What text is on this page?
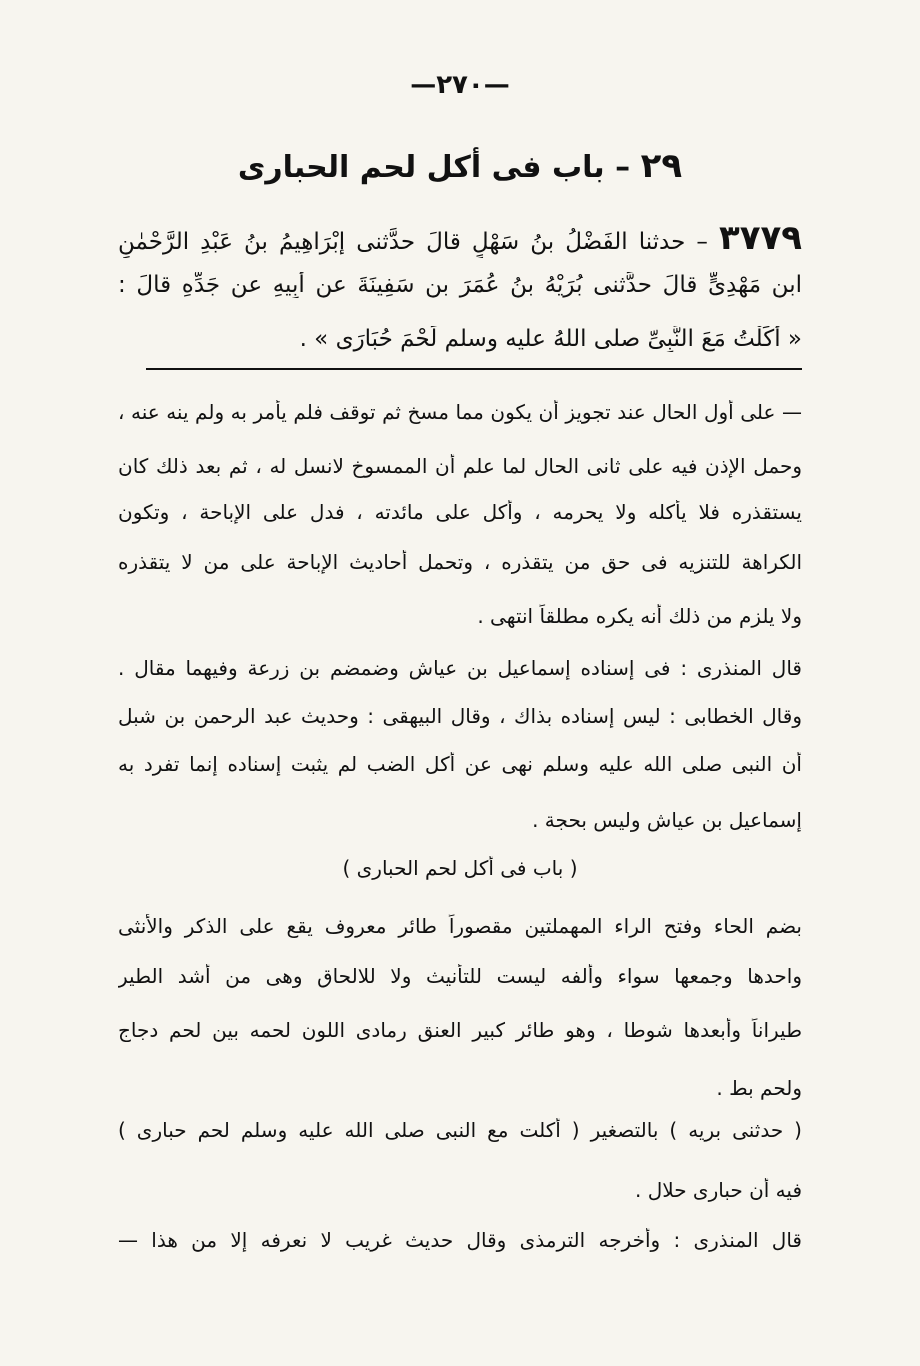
—٢٧٠—
٢٩ – باب فى أكل لحم الحبارى
٣٧٧٩ – حدثنا الفَضْلُ بنُ سَهْلٍ قالَ حدَّثنى إبْرَاهِيمُ بنُ عَبْدِ الرَّحْمٰنِ
ابن مَهْدِىٍّ قالَ حدَّثنى بُرَيْهُ بنُ عُمَرَ بنِ سَفِينَةَ عن أبِيهِ عن جَدِّهِ قالَ :
« أكَلْتُ مَعَ النَّبِىِّ صلى اللهُ عليه وسلم لَحْمَ حُبَارَى » .
— على أول الحال عند تجويز أن يكون مما مسخ ثم توقف فلم يأمر به ولم ينه عنه ،
وحمل الإذن فيه على ثانى الحال لما علم أن الممسوخ لانسل له ، ثم بعد ذلك كان
يستقذره فلا يأكله ولا يحرمه ، وأكل على مائدته ، فدل على الإباحة ، وتكون
الكراهة للتنزيه فى حق من يتقذره ، وتحمل أحاديث الإباحة على من لا يتقذره
ولا يلزم من ذلك أنه يكره مطلقاً انتهى .
قال المنذرى : فى إسناده إسماعيل بن عياش وضمضم بن زرعة وفيهما مقال .
وقال الخطابى : ليس إسناده بذاك ، وقال البيهقى : وحديث عبد الرحمن بن شبل
أن النبى صلى الله عليه وسلم نهى عن أكل الضب لم يثبت إسناده إنما تفرد به
إسماعيل بن عياش وليس بحجة .
( باب فى أكل لحم الحبارى )
بضم الحاء وفتح الراء المهملتين مقصوراً طائر معروف يقع على الذكر والأنثى
واحدها وجمعها سواء وألفه ليست للتأنيث ولا للالحاق وهى من أشد الطير
طيراناً وأبعدها شوطا ، وهو طائر كبير العنق رمادى اللون لحمه بين لحم دجاج
ولحم بط .
( حدثنى بريه ) بالتصغير ( أكلت مع النبى صلى الله عليه وسلم لحم حبارى )
فيه أن حبارى حلال .
قال المنذرى : وأخرجه الترمذى وقال حديث غريب لا نعرفه إلا من هذا —
